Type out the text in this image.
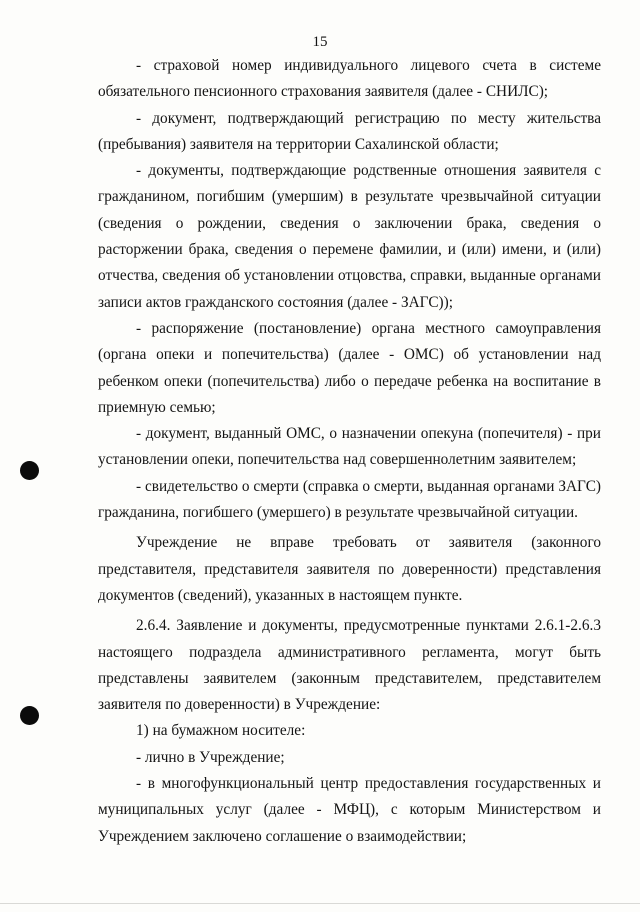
15

- страховой номер индивидуального лицевого счета в системе обязательного пенсионного страхования заявителя (далее - СНИЛС);

- документ, подтверждающий регистрацию по месту жительства (пребывания) заявителя на территории Сахалинской области;

- документы, подтверждающие родственные отношения заявителя с гражданином, погибшим (умершим) в результате чрезвычайной ситуации (сведения о рождении, сведения о заключении брака, сведения о расторжении брака, сведения о перемене фамилии, и (или) имени, и (или) отчества, сведения об установлении отцовства, справки, выданные органами записи актов гражданского состояния (далее - ЗАГС));

- распоряжение (постановление) органа местного самоуправления (органа опеки и попечительства) (далее - ОМС) об установлении над ребенком опеки (попечительства) либо о передаче ребенка на воспитание в приемную семью;

- документ, выданный ОМС, о назначении опекуна (попечителя) - при установлении опеки, попечительства над совершеннолетним заявителем;

- свидетельство о смерти (справка о смерти, выданная органами ЗАГС) гражданина, погибшего (умершего) в результате чрезвычайной ситуации.

Учреждение не вправе требовать от заявителя (законного представителя, представителя заявителя по доверенности) представления документов (сведений), указанных в настоящем пункте.

2.6.4. Заявление и документы, предусмотренные пунктами 2.6.1-2.6.3 настоящего подраздела административного регламента, могут быть представлены заявителем (законным представителем, представителем заявителя по доверенности) в Учреждение:

1) на бумажном носителе:

- лично в Учреждение;

- в многофункциональный центр предоставления государственных и муниципальных услуг (далее - МФЦ), с которым Министерством и Учреждением заключено соглашение о взаимодействии;
